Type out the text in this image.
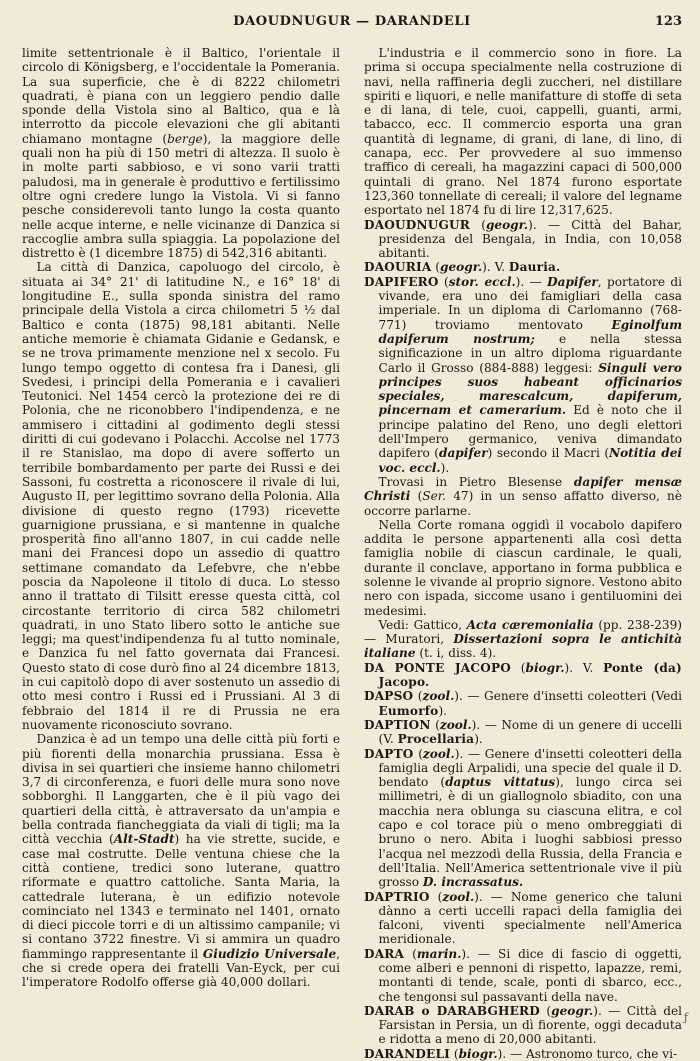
DAOUDNUGUR — DARANDELI	123

limite settentrionale è il Baltico, l'orientale il circolo di Königsberg, e l'occidentale la Pomerania. La sua superficie, che è di 8222 chilometri quadrati, è piana con un leggiero pendio dalle sponde della Vistola sino al Baltico, qua e là interrotto da piccole elevazioni che gli abitanti chiamano montagne (berge), la maggiore delle quali non ha più di 150 metri di altezza. Il suolo è in molte parti sabbioso, e vi sono varii tratti paludosi, ma in generale è produttivo e fertilissimo oltre ogni credere lungo la Vistola. Vi si fanno pesche considerevoli tanto lungo la costa quanto nelle acque interne, e nelle vicinanze di Danzica si raccoglie ambra sulla spiaggia. La popolazione del distretto è (1 dicembre 1875) di 542,316 abitanti.

La città di Danzica, capoluogo del circolo, è situata ai 34° 21' di latitudine N., e 16° 18' di longitudine E., sulla sponda sinistra del ramo principale della Vistola a circa chilometri 5 ½ dal Baltico e conta (1875) 98,181 abitanti. Nelle antiche memorie è chiamata Gidanie e Gedansk, e se ne trova primamente menzione nel x secolo. Fu lungo tempo oggetto di contesa fra i Danesi, gli Svedesi, i principi della Pomerania e i cavalieri Teutonici. Nel 1454 cercò la protezione dei re di Polonia, che ne riconobbero l'indipendenza, e ne ammisero i cittadini al godimento degli stessi diritti di cui godevano i Polacchi. Accolse nel 1773 il re Stanislao, ma dopo di avere sofferto un terribile bombardamento per parte dei Russi e dei Sassoni, fu costretta a riconoscere il rivale di lui, Augusto II, per legittimo sovrano della Polonia. Alla divisione di questo regno (1793) ricevette guarnigione prussiana, e si mantenne in qualche prosperità fino all'anno 1807, in cui cadde nelle mani dei Francesi dopo un assedio di quattro settimane comandato da Lefebvre, che n'ebbe poscia da Napoleone il titolo di duca. Lo stesso anno il trattato di Tilsitt eresse questa città, col circostante territorio di circa 582 chilometri quadrati, in uno Stato libero sotto le antiche sue leggi; ma quest'indipendenza fu al tutto nominale, e Danzica fu nel fatto governata dai Francesi. Questo stato di cose durò fino al 24 dicembre 1813, in cui capitolò dopo di aver sostenuto un assedio di otto mesi contro i Russi ed i Prussiani. Al 3 di febbraio del 1814 il re di Prussia ne era nuovamente riconosciuto sovrano.

Danzica è ad un tempo una delle città più forti e più fiorenti della monarchia prussiana. Essa è divisa in sei quartieri che insieme hanno chilometri 3,7 di circonferenza, e fuori delle mura sono nove sobborghi. Il Langgarten, che è il più vago dei quartieri della città, è attraversato da un'ampia e bella contrada fiancheggiata da viali di tigli; ma la città vecchia (Alt-Stadt) ha vie strette, sucide, e case mal costrutte. Delle ventuna chiese che la città contiene, tredici sono luterane, quattro riformate e quattro cattoliche. Santa Maria, la cattedrale luterana, è un edifizio notevole cominciato nel 1343 e terminato nel 1401, ornato di dieci piccole torri e di un altissimo campanile; vi si contano 3722 finestre. Vi si ammira un quadro fiammingo rappresentante il Giudizio Universale, che si crede opera dei fratelli Van-Eyck, per cui l'imperatore Rodolfo offerse già 40,000 dollari.

L'industria e il commercio sono in fiore. La prima si occupa specialmente nella costruzione di navi, nella raffineria degli zuccheri, nel distillare spiriti e liquori, e nelle manifatture di stoffe di seta e di lana, di tele, cuoi, cappelli, guanti, armi, tabacco, ecc. Il commercio esporta una gran quantità di legname, di grani, di lane, di lino, di canapa, ecc. Per provvedere al suo immenso traffico di cereali, ha magazzini capaci di 500,000 quintali di grano. Nel 1874 furono esportate 123,360 tonnellate di cereali; il valore del legname esportato nel 1874 fu di lire 12,317,625.

DAOUDNUGUR (geogr.). — Città del Bahar, presidenza del Bengala, in India, con 10,058 abitanti.

DAOURIA (geogr.). V. Dauria.

DAPIFERO (stor. eccl.). — Dapifer, portatore di vivande, era uno dei famigliari della casa imperiale. In un diploma di Carlomanno (768-771) troviamo mentovato Eginolfum dapiferum nostrum; e nella stessa significazione in un altro diploma riguardante Carlo il Grosso (884-888) leggesi: Singuli vero principes suos habeant officinarios speciales, marescalcum, dapiferum, pincernam et camerarium. Ed è noto che il principe palatino del Reno, uno degli elettori dell'Impero germanico, veniva dimandato dapifero (dapifer) secondo il Macri (Notitia dei voc. eccl.).

Trovasi in Pietro Blesense dapifer mensæ Christi (Ser. 47) in un senso affatto diverso, nè occorre parlarne.

Nella Corte romana oggidì il vocabolo dapifero addita le persone appartenenti alla così detta famiglia nobile di ciascun cardinale, le quali, durante il conclave, apportano in forma pubblica e solenne le vivande al proprio signore. Vestono abito nero con ispada, siccome usano i gentiluomini dei medesimi.

Vedi: Gattico, Acta cæremonialia (pp. 238-239) — Muratori, Dissertazioni sopra le antichità italiane (t. i, diss. 4).

DA PONTE JACOPO (biogr.). V. Ponte (da) Jacopo.

DAPSO (zool.). — Genere d'insetti coleotteri (Vedi Eumorfo).

DAPTION (zool.). — Nome di un genere di uccelli (V. Procellaria).

DAPTO (zool.). — Genere d'insetti coleotteri della famiglia degli Arpalidi, una specie del quale il D. bendato (daptus vittatus), lungo circa sei millimetri, è di un giallognolo sbiadito, con una macchia nera oblunga su ciascuna elitra, e col capo e col torace più o meno ombreggiati di bruno o nero. Abita i luoghi sabbiosi presso l'acqua nel mezzodì della Russia, della Francia e dell'Italia. Nell'America settentrionale vive il più grosso D. incrassatus.

DAPTRIO (zool.). — Nome generico che taluni dànno a certi uccelli rapaci della famiglia dei falconi, viventi specialmente nell'America meridionale.

DARA (marin.). — Si dice di fascio di oggetti, come alberi e pennoni di rispetto, lapazze, remi, montanti di tende, scale, ponti di sbarco, ecc., che tengonsi sul passavanti della nave.

DARAB o DARABGHERD (geogr.). — Città del Farsistan in Persia, un dì fiorente, oggi decaduta e ridotta a meno di 20,000 abitanti.

DARANDELI (biogr.). — Astronomo turco, che vi-

ƒ
